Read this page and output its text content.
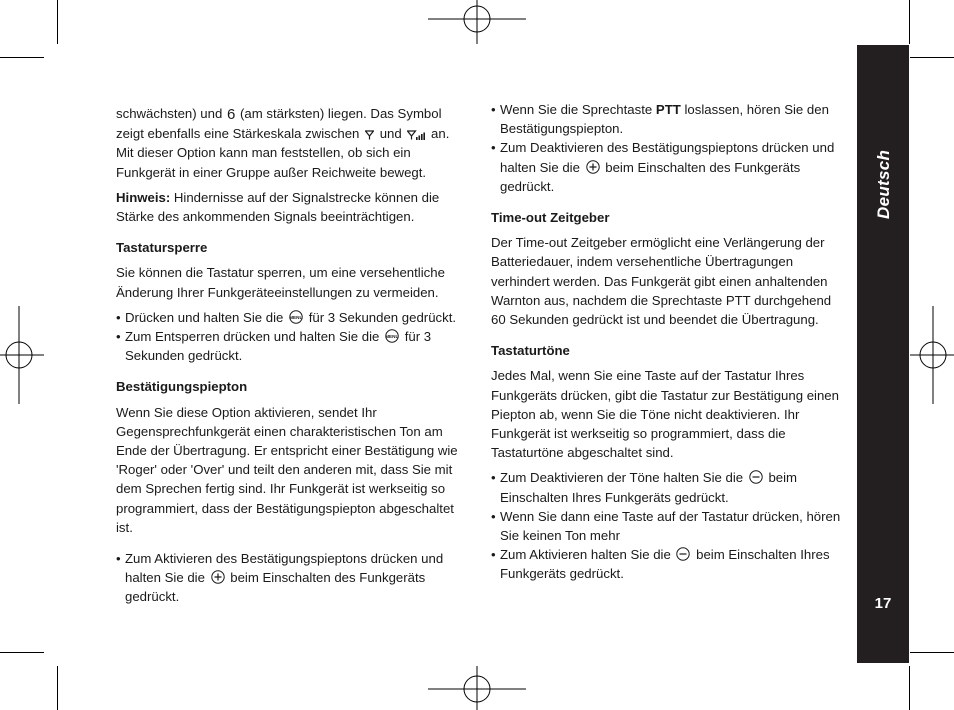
schwächsten) und 6 (am stärksten) liegen. Das Symbol zeigt ebenfalls eine Stärkeskala zwischen  und  an. Mit dieser Option kann man feststellen, ob sich ein Funkgerät in einer Gruppe außer Reichweite bewegt.

Hinweis: Hindernisse auf der Signalstrecke können die Stärke des ankommenden Signals beeinträchtigen.

Tastatursperre

Sie können die Tastatur sperren, um eine versehentliche Änderung Ihrer Funkgeräteeinstellungen zu vermeiden.

• Drücken und halten Sie die MENU für 3 Sekunden gedrückt.
• Zum Entsperren drücken und halten Sie die MENU für 3 Sekunden gedrückt.
Bestätigungspiepton

Wenn Sie diese Option aktivieren, sendet Ihr Gegensprechfunkgerät einen charakteristischen Ton am Ende der Übertragung. Er entspricht einer Bestätigung wie 'Roger' oder 'Over' und teilt den anderen mit, dass Sie mit dem Sprechen fertig sind. Ihr Funkgerät ist werkseitig so programmiert, dass der Bestätigungspiepton abgeschaltet ist.

• Zum Aktivieren des Bestätigungspieptons drücken und halten Sie die  beim Einschalten des Funkgeräts gedrückt.
• Wenn Sie die Sprechtaste PTT loslassen, hören Sie den Bestätigungspiepton.
• Zum Deaktivieren des Bestätigungspieptons drücken und halten Sie die  beim Einschalten des Funkgeräts gedrückt.
Time-out Zeitgeber

Der Time-out Zeitgeber ermöglicht eine Verlängerung der Batteriedauer, indem versehentliche Übertragungen verhindert werden. Das Funkgerät gibt einen anhaltenden Warnton aus, nachdem die Sprechtaste PTT durchgehend 60 Sekunden gedrückt ist und beendet die Übertragung.

Tastaturtöne

Jedes Mal, wenn Sie eine Taste auf der Tastatur Ihres Funkgeräts drücken, gibt die Tastatur zur Bestätigung einen Piepton ab, wenn Sie die Töne nicht deaktivieren. Ihr Funkgerät ist werkseitig so programmiert, dass die Tastaturtöne abgeschaltet sind.

• Zum Deaktivieren der Töne halten Sie die  beim Einschalten Ihres Funkgeräts gedrückt.
• Wenn Sie dann eine Taste auf der Tastatur drücken, hören Sie keinen Ton mehr
• Zum Aktivieren halten Sie die  beim Einschalten Ihres Funkgeräts gedrückt.
Deutsch
17
